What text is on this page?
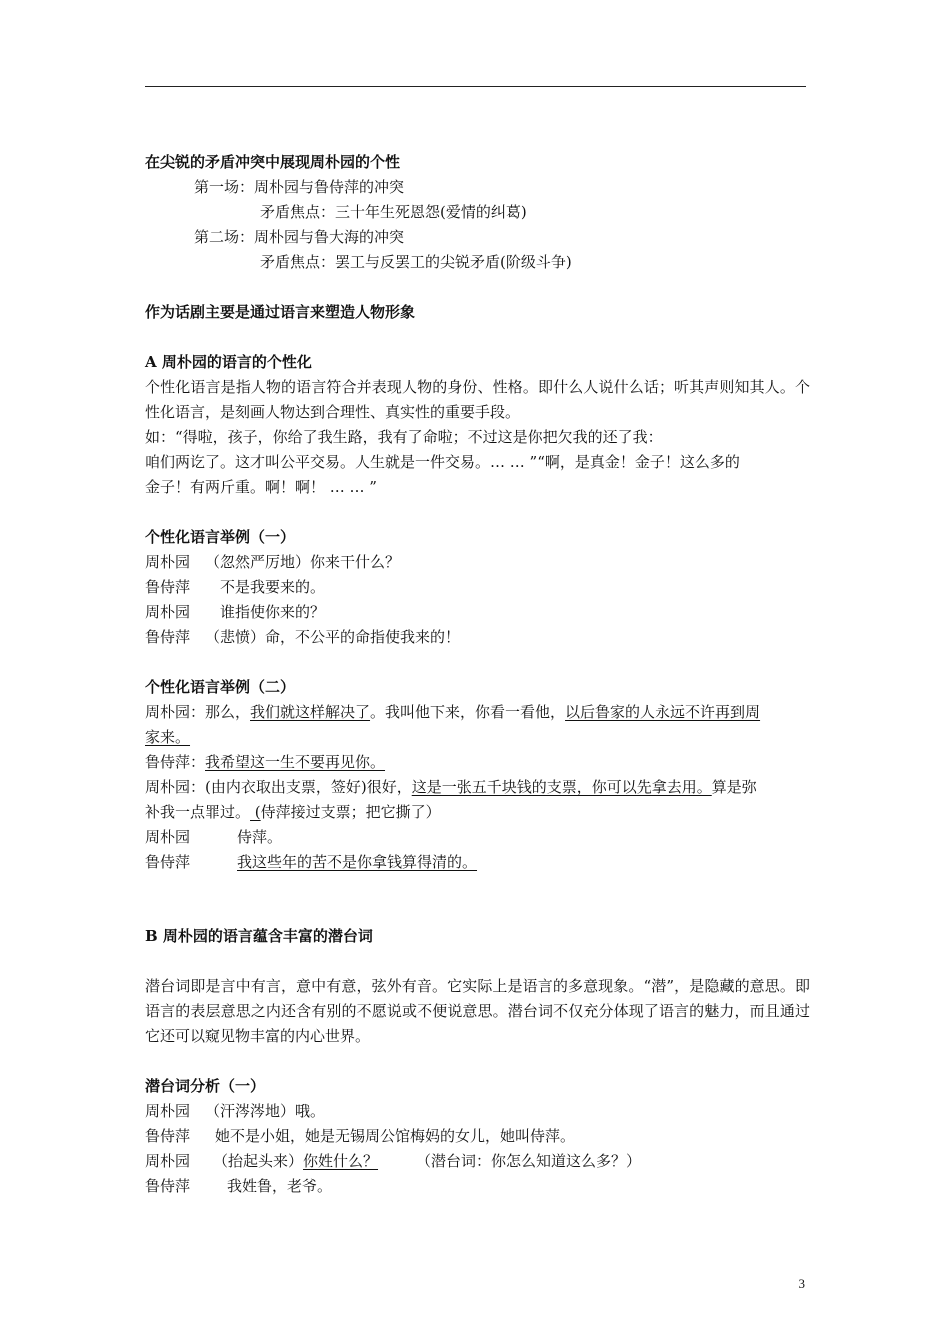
在尖锐的矛盾冲突中展现周朴园的个性
第一场：周朴园与鲁侍萍的冲突
矛盾焦点：三十年生死恩怨(爱情的纠葛)
第二场：周朴园与鲁大海的冲突
矛盾焦点：罢工与反罢工的尖锐矛盾(阶级斗争)
作为话剧主要是通过语言来塑造人物形象
A 周朴园的语言的个性化
个性化语言是指人物的语言符合并表现人物的身份、性格。即什么人说什么话；听其声则知其人。个性化语言，是刻画人物达到合理性、真实性的重要手段。
如：“得啦，孩子，你给了我生路，我有了命啦；不过这是你把欠我的还了我：
咱们两讫了。这才叫公平交易。人生就是一件交易。… … ”“啊，是真金！金子！这么多的
金子！有两斤重。啊！啊！ … … ”
个性化语言举例（一）
周朴园 （忽然严厉地）你来干什么？
鲁侍萍　不是我要来的。
周朴园　谁指使你来的？
鲁侍萍 （悲愤）命，不公平的命指使我来的！
个性化语言举例（二）
周朴园：那么，我们就这样解决了。我叫他下来，你看一看他，以后鲁家的人永远不许再到周
家来。
鲁侍萍：我希望这一生不要再见你。
周朴园：(由内衣取出支票，签好)很好，这是一张五千块钱的支票，你可以先拿去用。算是弥
补我一点罪过。 (侍萍接过支票；把它撕了）
周朴园	侍萍。
鲁侍萍	我这些年的苦不是你拿钱算得清的。
B 周朴园的语言蕴含丰富的潜台词
潜台词即是言中有言，意中有意，弦外有音。它实际上是语言的多意现象。“潜”，是隐藏的意思。即语言的表层意思之内还含有别的不愿说或不便说意思。潜台词不仅充分体现了语言的魅力，而且通过它还可以窥见物丰富的内心世界。
潜台词分析（一）
周朴园 （汗涔涔地）哦。
鲁侍萍 她不是小姐，她是无锡周公馆梅妈的女儿，她叫侍萍。
周朴园 （抬起头来）你姓什么？	（潜台词：你怎么知道这么多？）
鲁侍萍 我姓鲁，老爷。
3
